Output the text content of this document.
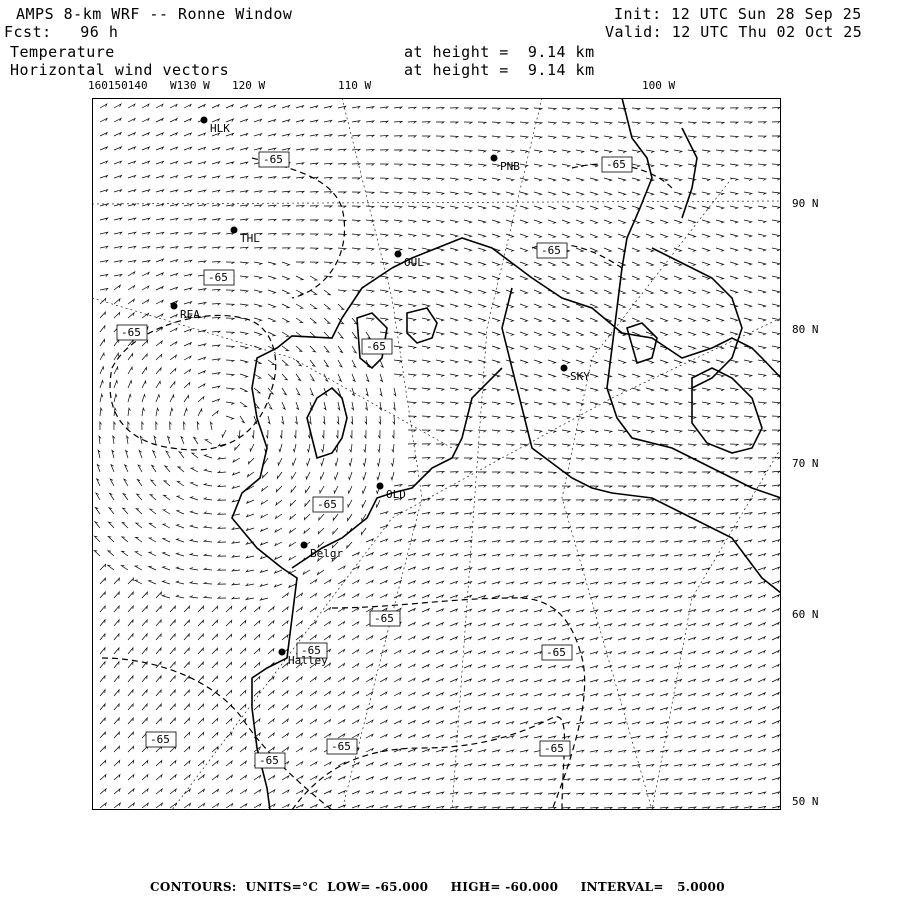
AMPS 8-km WRF -- Ronne Window
Fcst:   96 h
Temperature
Horizontal wind vectors
at height =  9.14 km
at height =  9.14 km
Init: 12 UTC Sun 28 Sep 25
Valid: 12 UTC Thu 02 Oct 25
160150140 W130 W 120 W	110 W	100 W
90 N
80 N
70 N
60 N
50 N
-65	-65
-65
-65
-65
-65
-65
-65
-65
-65
-65
-65
-65
-65
HLK
PNB
THL
OUL
REA
SKY
OLD
Belgr
Halley
CONTOURS:  UNITS=°C  LOW= -65.000     HIGH= -60.000     INTERVAL=   5.0000
